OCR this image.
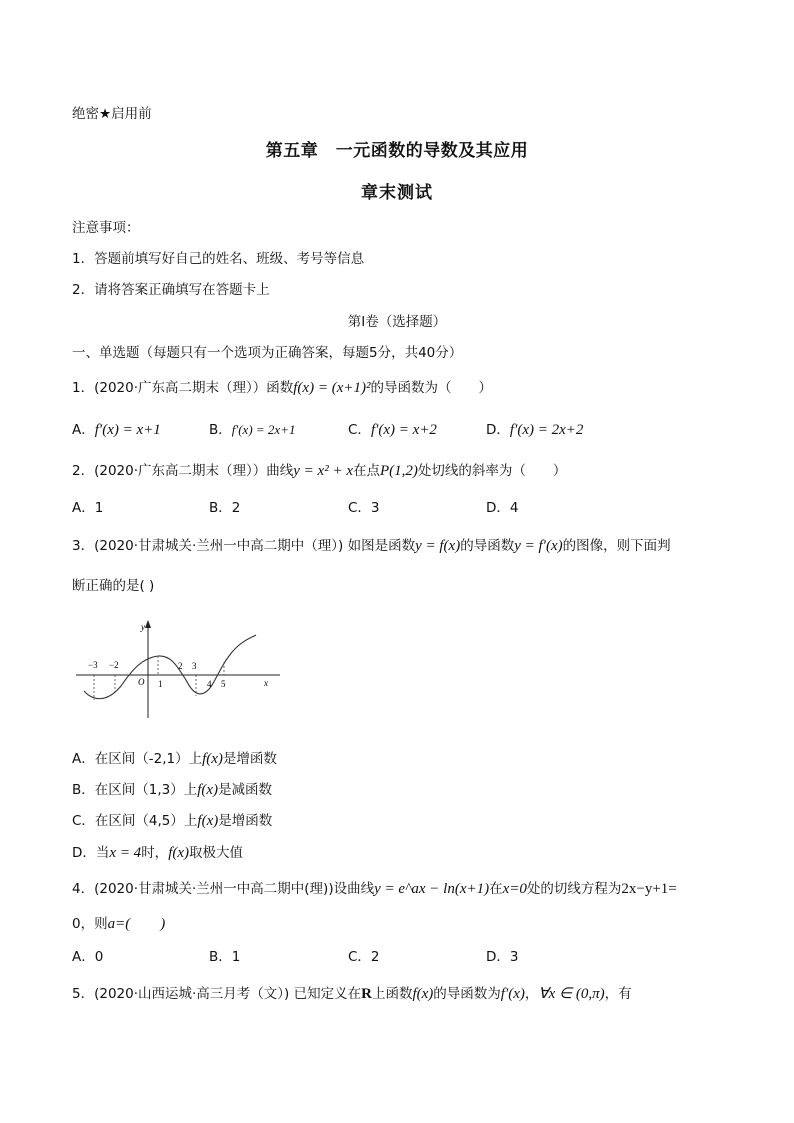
绝密★启用前
第五章　一元函数的导数及其应用
章末测试
注意事项：
1．答题前填写好自己的姓名、班级、考号等信息
2．请将答案正确填写在答题卡上
第I卷（选择题）
一、单选题（每题只有一个选项为正确答案，每题5分，共40分）
1．(2020·广东高二期末（理））函数f(x) = (x+1)²的导函数为（　　）
A．f′(x) = x+1	B．f′(x) = 2x+1	C．f′(x) = x+2	D．f′(x) = 2x+2
2．(2020·广东高二期末（理））曲线y = x² + x在点P(1,2)处切线的斜率为（　　）
A．1	B．2	C．3	D．4
3．(2020·甘肃城关·兰州一中高二期中（理）) 如图是函数y = f(x)的导函数y = f′(x)的图像，则下面判
断正确的是( )
y
x
O
−3 −2
1
2 3
4 5
A．在区间（-2,1）上f(x)是增函数
B．在区间（1,3）上f(x)是减函数
C．在区间（4,5）上f(x)是增函数
D．当x = 4时，f(x)取极大值
4．(2020·甘肃城关·兰州一中高二期中(理))设曲线y = e^ax − ln(x+1)在x=0处的切线方程为2x−y+1=
0，则a=(　　)
A．0	B．1	C．2	D．3
5．(2020·山西运城·高三月考（文）) 已知定义在R上函数f(x)的导函数为f′(x)，∀x ∈ (0,π)，有
